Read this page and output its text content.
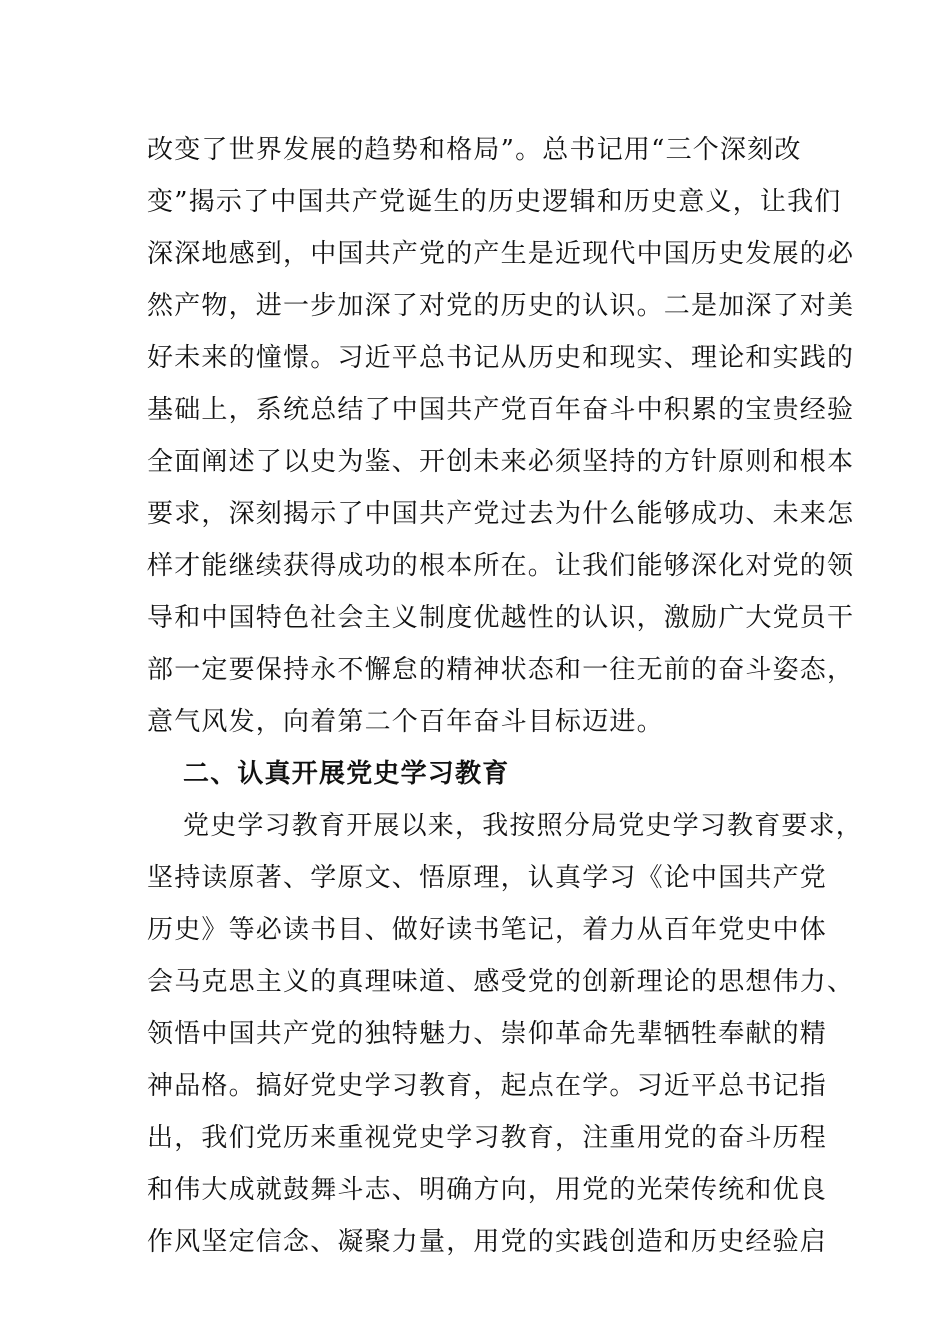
改变了世界发展的趋势和格局”。总书记用“三个深刻改
变”揭示了中国共产党诞生的历史逻辑和历史意义，让我们
深深地感到，中国共产党的产生是近现代中国历史发展的必
然产物，进一步加深了对党的历史的认识。二是加深了对美
好未来的憧憬。习近平总书记从历史和现实、理论和实践的
基础上，系统总结了中国共产党百年奋斗中积累的宝贵经验
全面阐述了以史为鉴、开创未来必须坚持的方针原则和根本
要求，深刻揭示了中国共产党过去为什么能够成功、未来怎
样才能继续获得成功的根本所在。让我们能够深化对党的领
导和中国特色社会主义制度优越性的认识，激励广大党员干
部一定要保持永不懈怠的精神状态和一往无前的奋斗姿态，
意气风发，向着第二个百年奋斗目标迈进。
二、认真开展党史学习教育
党史学习教育开展以来，我按照分局党史学习教育要求，
坚持读原著、学原文、悟原理，认真学习《论中国共产党
历史》等必读书目、做好读书笔记，着力从百年党史中体
会马克思主义的真理味道、感受党的创新理论的思想伟力、
领悟中国共产党的独特魅力、崇仰革命先辈牺牲奉献的精
神品格。搞好党史学习教育，起点在学。习近平总书记指
出，我们党历来重视党史学习教育，注重用党的奋斗历程
和伟大成就鼓舞斗志、明确方向，用党的光荣传统和优良
作风坚定信念、凝聚力量，用党的实践创造和历史经验启
